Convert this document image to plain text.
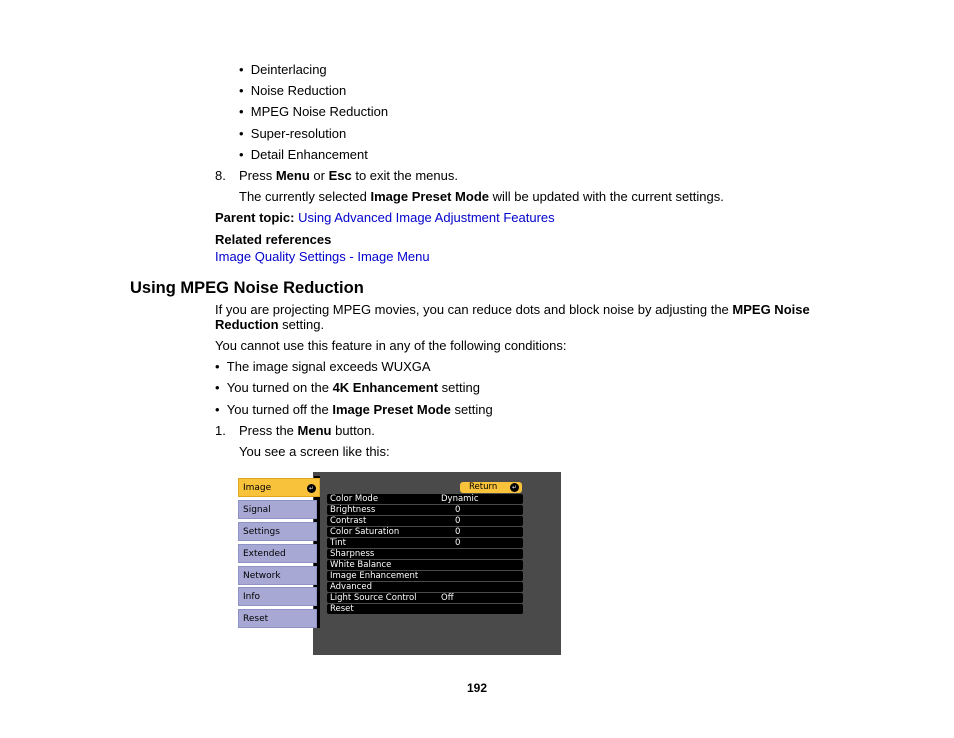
•  Deinterlacing
•  Noise Reduction
•  MPEG Noise Reduction
•  Super-resolution
•  Detail Enhancement
8. Press Menu or Esc to exit the menus.
The currently selected Image Preset Mode will be updated with the current settings.
Parent topic: Using Advanced Image Adjustment Features
Related references
Image Quality Settings - Image Menu
Using MPEG Noise Reduction
If you are projecting MPEG movies, you can reduce dots and block noise by adjusting the MPEG Noise
Reduction setting.
You cannot use this feature in any of the following conditions:
•  The image signal exceeds WUXGA
•  You turned on the 4K Enhancement setting
•  You turned off the Image Preset Mode setting
1. Press the Menu button.
You see a screen like this:
Return	↵
Color Mode	Dynamic
Brightness	0
Contrast	0
Color Saturation	0
Tint	0
Sharpness
White Balance
Image Enhancement
Advanced
Light Source Control	Off
Reset
Image	↵
Signal
Settings
Extended
Network
Info
Reset
192
